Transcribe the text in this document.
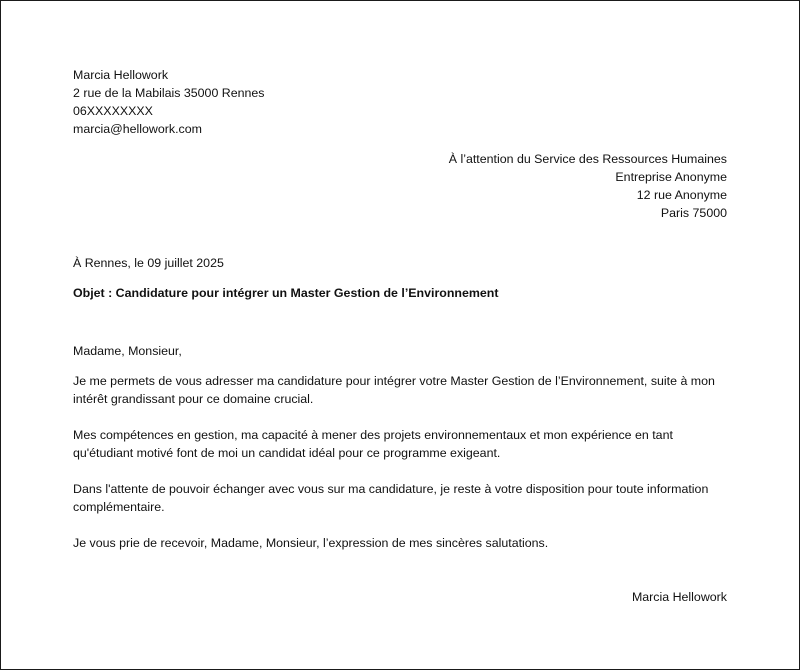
Marcia Hellowork
2 rue de la Mabilais 35000 Rennes
06XXXXXXXX
marcia@hellowork.com
À l’attention du Service des Ressources Humaines
Entreprise Anonyme
12 rue Anonyme
Paris 75000
À Rennes, le 09 juillet 2025
Objet : Candidature pour intégrer un Master Gestion de l’Environnement
Madame, Monsieur,
Je me permets de vous adresser ma candidature pour intégrer votre Master Gestion de l’Environnement, suite à mon intérêt grandissant pour ce domaine crucial.
Mes compétences en gestion, ma capacité à mener des projets environnementaux et mon expérience en tant qu'étudiant motivé font de moi un candidat idéal pour ce programme exigeant.
Dans l'attente de pouvoir échanger avec vous sur ma candidature, je reste à votre disposition pour toute information complémentaire.
Je vous prie de recevoir, Madame, Monsieur, l’expression de mes sincères salutations.
Marcia Hellowork
